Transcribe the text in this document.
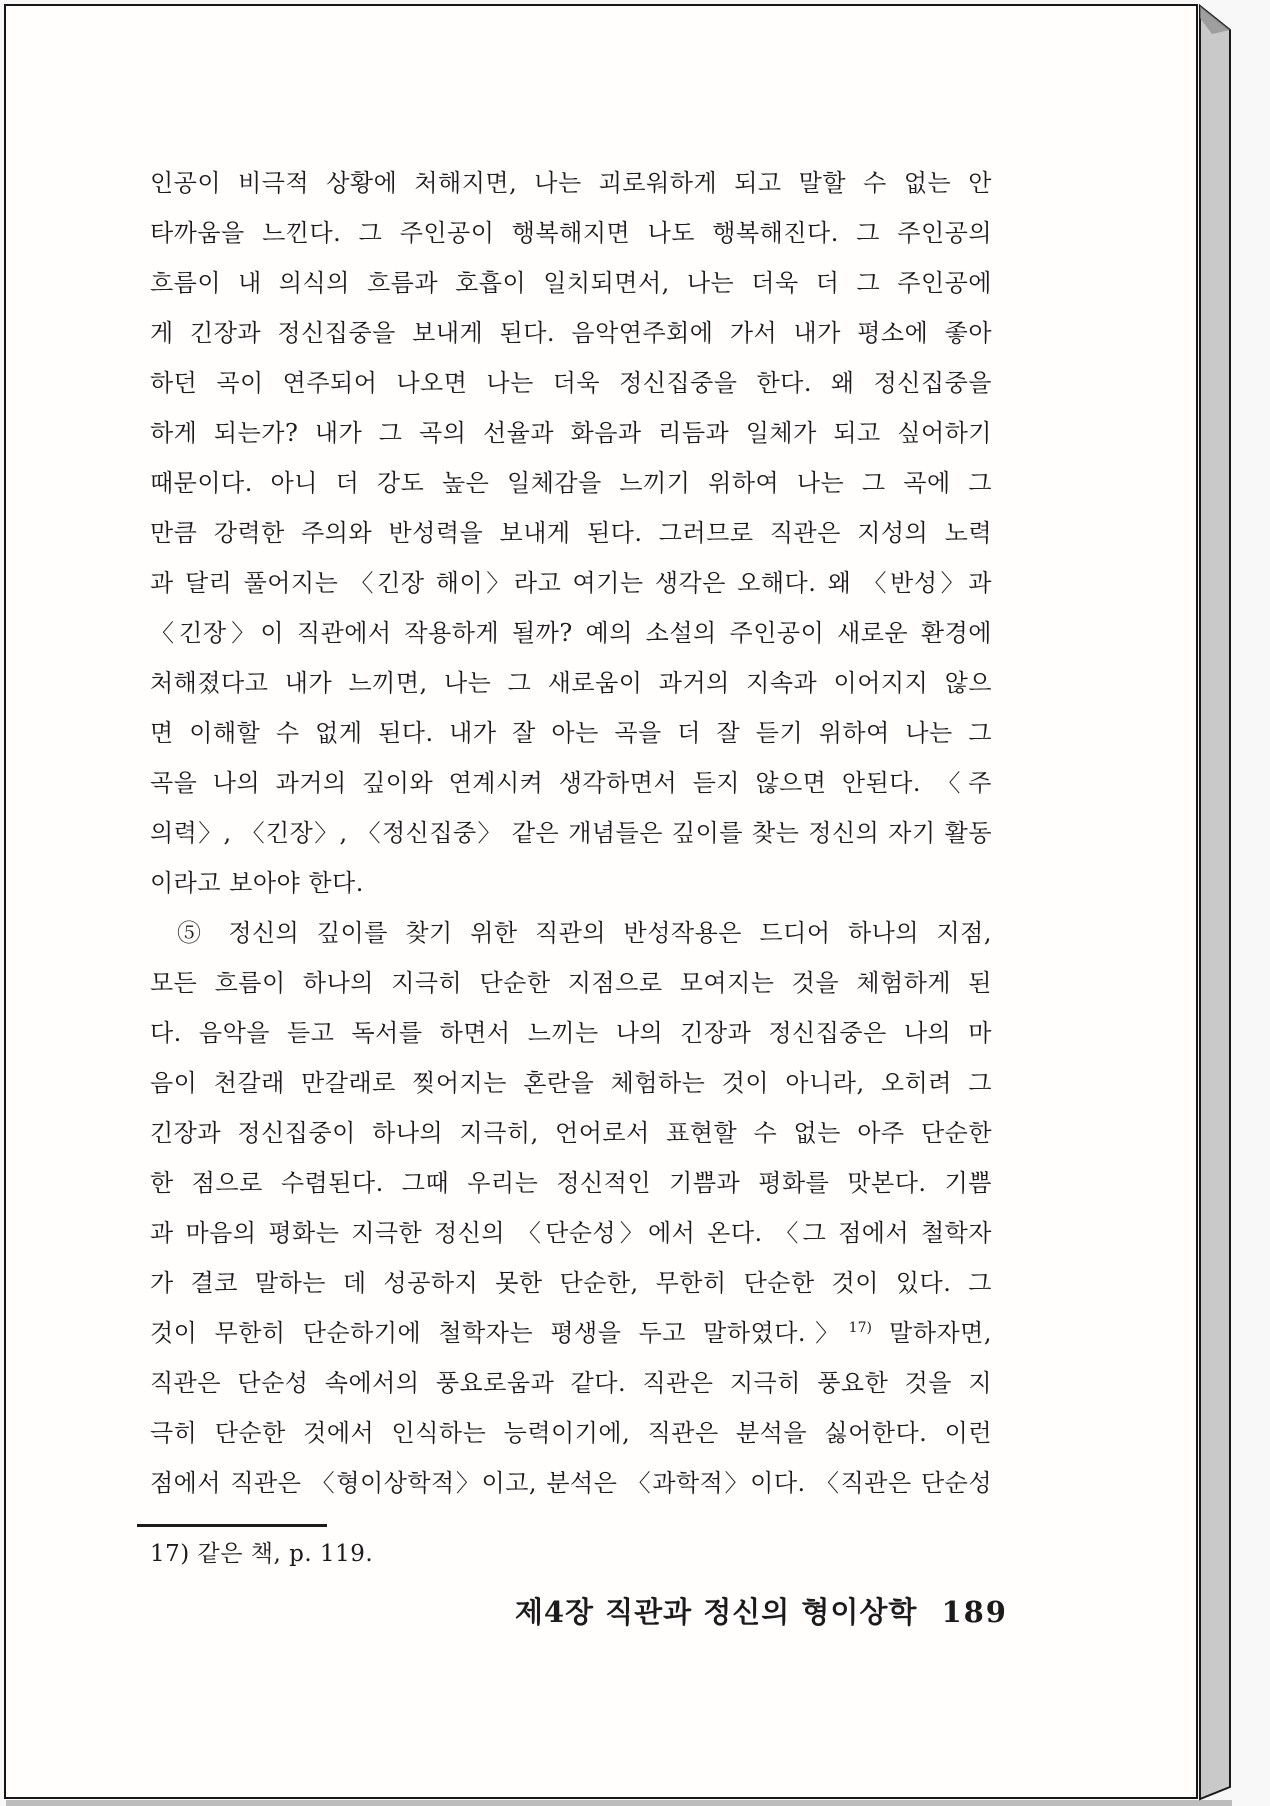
인공이 비극적 상황에 처해지면, 나는 괴로워하게 되고 말할 수 없는 안
타까움을 느낀다. 그 주인공이 행복해지면 나도 행복해진다. 그 주인공의
흐름이 내 의식의 흐름과 호흡이 일치되면서, 나는 더욱 더 그 주인공에
게 긴장과 정신집중을 보내게 된다. 음악연주회에 가서 내가 평소에 좋아
하던 곡이 연주되어 나오면 나는 더욱 정신집중을 한다. 왜 정신집중을
하게 되는가? 내가 그 곡의 선율과 화음과 리듬과 일체가 되고 싶어하기
때문이다. 아니 더 강도 높은 일체감을 느끼기 위하여 나는 그 곡에 그
만큼 강력한 주의와 반성력을 보내게 된다. 그러므로 직관은 지성의 노력
과 달리 풀어지는 〈긴장 해이〉라고 여기는 생각은 오해다. 왜 〈반성〉과
〈긴장〉이 직관에서 작용하게 될까? 예의 소설의 주인공이 새로운 환경에
처해졌다고 내가 느끼면, 나는 그 새로움이 과거의 지속과 이어지지 않으
면 이해할 수 없게 된다. 내가 잘 아는 곡을 더 잘 듣기 위하여 나는 그
곡을 나의 과거의 깊이와 연계시켜 생각하면서 듣지 않으면 안된다. 〈주
의력〉, 〈긴장〉, 〈정신집중〉 같은 개념들은 깊이를 찾는 정신의 자기 활동
이라고 보아야 한다.
⑤ 정신의 깊이를 찾기 위한 직관의 반성작용은 드디어 하나의 지점,
모든 흐름이 하나의 지극히 단순한 지점으로 모여지는 것을 체험하게 된
다. 음악을 듣고 독서를 하면서 느끼는 나의 긴장과 정신집중은 나의 마
음이 천갈래 만갈래로 찢어지는 혼란을 체험하는 것이 아니라, 오히려 그
긴장과 정신집중이 하나의 지극히, 언어로서 표현할 수 없는 아주 단순한
한 점으로 수렴된다. 그때 우리는 정신적인 기쁨과 평화를 맛본다. 기쁨
과 마음의 평화는 지극한 정신의 〈단순성〉에서 온다. 〈그 점에서 철학자
가 결코 말하는 데 성공하지 못한 단순한, 무한히 단순한 것이 있다. 그
것이 무한히 단순하기에 철학자는 평생을 두고 말하였다.〉$^{17)}$ 말하자면,
직관은 단순성 속에서의 풍요로움과 같다. 직관은 지극히 풍요한 것을 지
극히 단순한 것에서 인식하는 능력이기에, 직관은 분석을 싫어한다. 이런
점에서 직관은 〈형이상학적〉이고, 분석은 〈과학적〉이다. 〈직관은 단순성
17) 같은 책, p. 119.
제4장 직관과 정신의 형이상학 189
